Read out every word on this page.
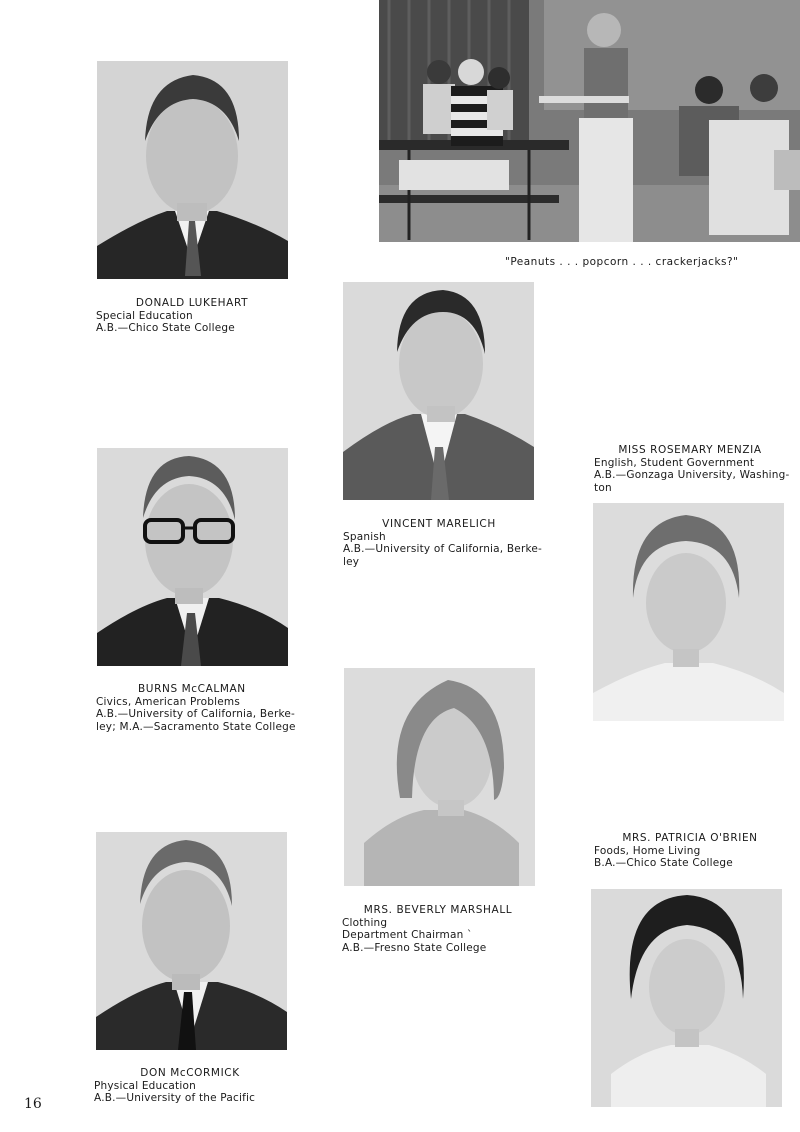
"Peanuts . . . popcorn . . . crackerjacks?"
DONALD LUKEHART
Special Education
A.B.—Chico State College
VINCENT MARELICH
Spanish
A.B.—University of California, Berke-
ley
MISS ROSEMARY MENZIA
English, Student Government
A.B.—Gonzaga University, Washing-
ton
BURNS McCALMAN
Civics, American Problems
A.B.—University of California, Berke-
ley; M.A.—Sacramento State College
MRS. BEVERLY MARSHALL
Clothing
Department Chairman `
A.B.—Fresno State College
MRS. PATRICIA O'BRIEN
Foods, Home Living
B.A.—Chico State College
DON McCORMICK
Physical Education
A.B.—University of the Pacific
16
